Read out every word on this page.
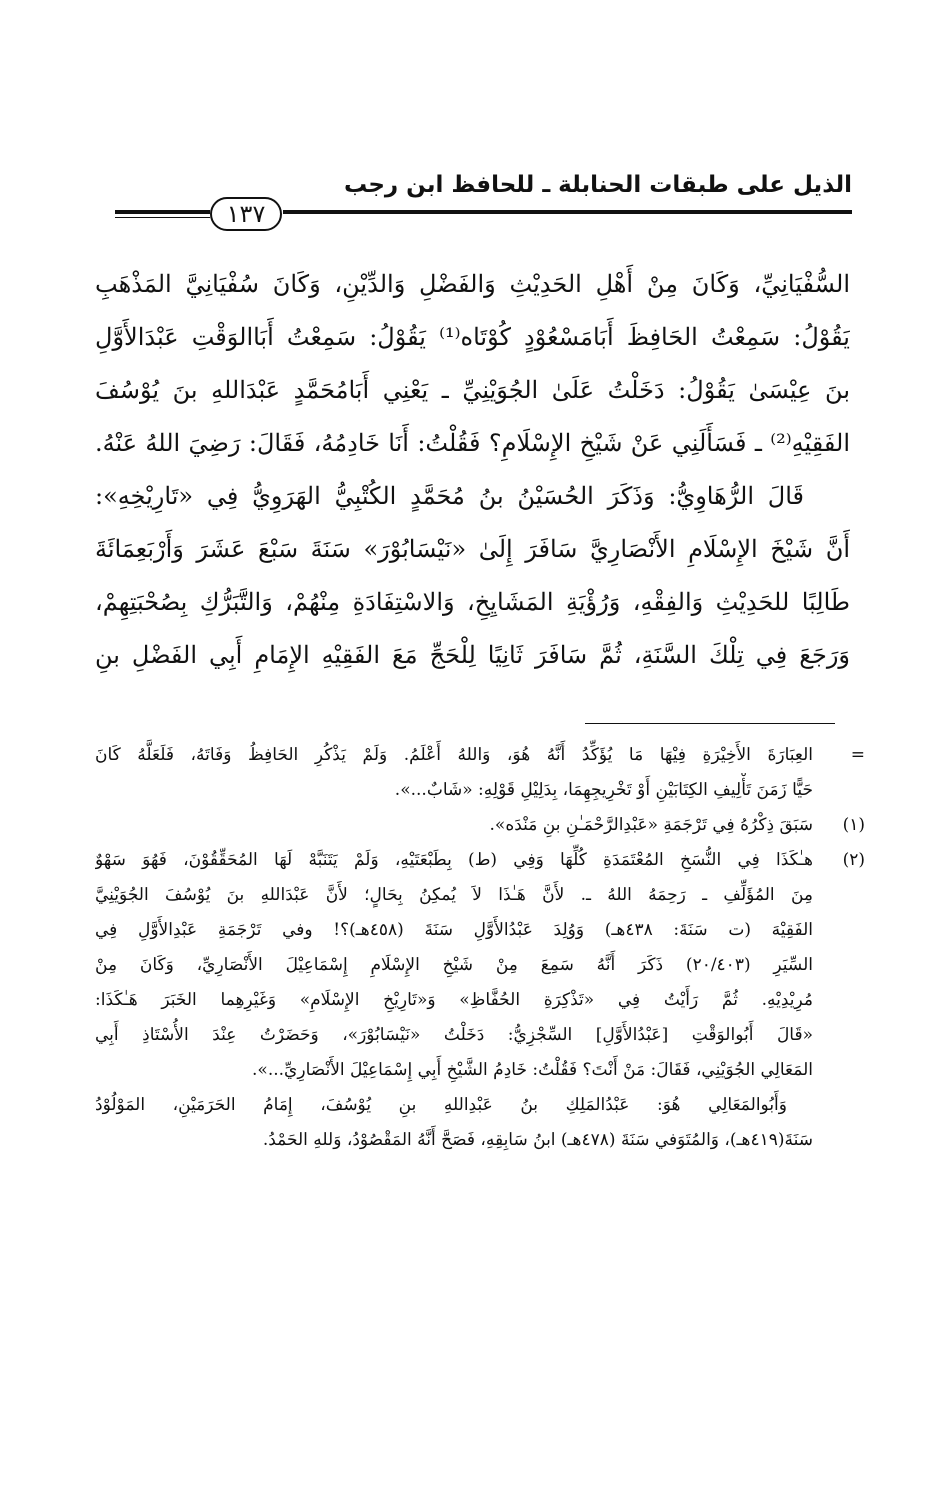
الذيل على طبقات الحنابلة ـ للحافظ ابن رجب
١٣٧
السُّفْيَانِيِّ، وَكَانَ مِنْ أَهْلِ الحَدِيْثِ وَالفَضْلِ وَالدِّيْنِ، وَكَانَ سُفْيَانِيَّ المَذْهَبِ
يَقُوْلُ: سَمِعْتُ الحَافِظَ أَبَامَسْعُوْدٍ كُوْتَاه⁽¹⁾ يَقُوْلُ: سَمِعْتُ أَبَاالوَقْتِ عَبْدَالأَوَّلِ
بنَ عِيْسَىٰ يَقُوْلُ: دَخَلْتُ عَلَىٰ الجُوَيْنِيِّ ـ يَعْنِي أَبَامُحَمَّدٍ عَبْدَاللهِ بنَ يُوْسُفَ
الفَقِيْهِ⁽²⁾ ـ فَسَأَلَنِي عَنْ شَيْخِ الإِسْلَامِ؟ فَقُلْتُ: أَنَا خَادِمُهُ، فَقَالَ: رَضِيَ اللهُ عَنْهُ.
قَالَ الرُّهَاوِيُّ: وَذَكَرَ الحُسَيْنُ بنُ مُحَمَّدٍ الكُتْبِيُّ الهَرَوِيُّ فِي «تَارِيْخِهِ»:
أَنَّ شَيْخَ الإِسْلَامِ الأَنْصَارِيَّ سَافَرَ إِلَىٰ «نَيْسَابُوْرَ» سَنَةَ سَبْعَ عَشَرَ وَأَرْبَعِمَائَةَ
طَالِبًا للحَدِيْثِ وَالفِقْهِ، وَرُؤْيَةِ المَشَايِخِ، وَالاسْتِفَادَةِ مِنْهُمْ، وَالتَّبَرُّكِ بِصُحْبَتِهِمْ،
وَرَجَعَ فِي تِلْكَ السَّنَةِ، ثُمَّ سَافَرَ ثَانِيًا لِلْحَجِّ مَعَ الفَقِيْهِ الإِمَامِ أَبِي الفَضْلِ بنِ
=
العِبَارَةَ الأَخِيْرَةِ فِيْهَا مَا يُؤَكِّدُ أَنَّهُ هُوَ، وَاللهُ أَعْلَمُ. وَلَمْ يَذْكُرِ الحَافِظُ وَفَاتَهُ، فَلَعَلَّهُ كَانَ
حَيًّا زَمَنَ تَأْلِيفِ الكِتَابَيْنِ أَوْ تَخْرِيجِهِمَا، بِدَلِيْلِ قَوْلِهِ: «شَابٌ...».
(١)
سَبَقَ ذِكْرُهُ فِي تَرْجَمَةِ «عَبْدِالرَّحْمَـٰنِ بنِ مَنْدَه».
(٢)
هـٰكَذَا فِي النُّسَخِ المُعْتَمَدَةِ كُلِّهَا وَفِي (ط) بِطَبْعَتَيْهِ، وَلَمْ يَتَنَبَّهْ لَهَا المُحَقِّقُوْنَ، فَهُوَ سَهْوٌ
مِنَ المُؤَلِّفِ ـ رَحِمَهُ اللهُ ـ. لأَنَّ هَـٰذَا لاَ يُمكِنُ بِحَالٍ؛ لأَنَّ عَبْدَاللهِ بنَ يُوْسُفَ الجُوَيْنِيَّ
الفَقِيْهَ (ت سَنَةَ: ٤٣٨هـ) وَوُلِدَ عَبْدُالأَوَّلِ سَنَةَ (٤٥٨هـ)؟! وفي تَرْجَمَةِ عَبْدِالأَوَّلِ فِي
السِّيَرِ (٢٠/٤٠٣) ذَكَرَ أَنَّهُ سَمِعَ مِنْ شَيْخِ الإِسْلَامِ إِسْمَاعِيْلَ الأَنْصَارِيِّ، وَكَانَ مِنْ
مُرِيْدِيْهِ. ثُمَّ رَأَيْتُ فِي «تَذْكِرَةِ الحُفَّاظِ» وَ«تَارِيْخِ الإِسْلَامِ» وَغَيْرِهِما الخَبَرَ هَـٰكَذَا:
«قَالَ أَبُوالوَقْتِ [عَبْدُالأَوَّلِ] السِّجْزِيُّ: دَخَلْتُ «نَيْسَابُوْرَ»، وَحَضَرْتُ عِنْدَ الأُسْتَاذِ أَبِي
المَعَالِي الجُوَيْنِي، فَقَالَ: مَنْ أَنْتَ؟ فَقُلْتُ: خَادِمُ الشَّيْخِ أَبِي إِسْمَاعِيْلَ الأَنْصَارِيِّ...».
وَأَبُوالمَعَالِي هُوَ: عَبْدُالمَلِكِ بنُ عَبْدِاللهِ بنِ يُوْسُفَ، إِمَامُ الحَرَمَيْنِ، المَوْلُوْدُ
سَنَةَ(٤١٩هـ)، وَالمُتَوَفي سَنَةَ (٤٧٨هـ) ابنُ سَابِقِهِ، فَصَحَّ أَنَّهُ المَقْصُوْدُ، وَللهِ الحَمْدُ.
